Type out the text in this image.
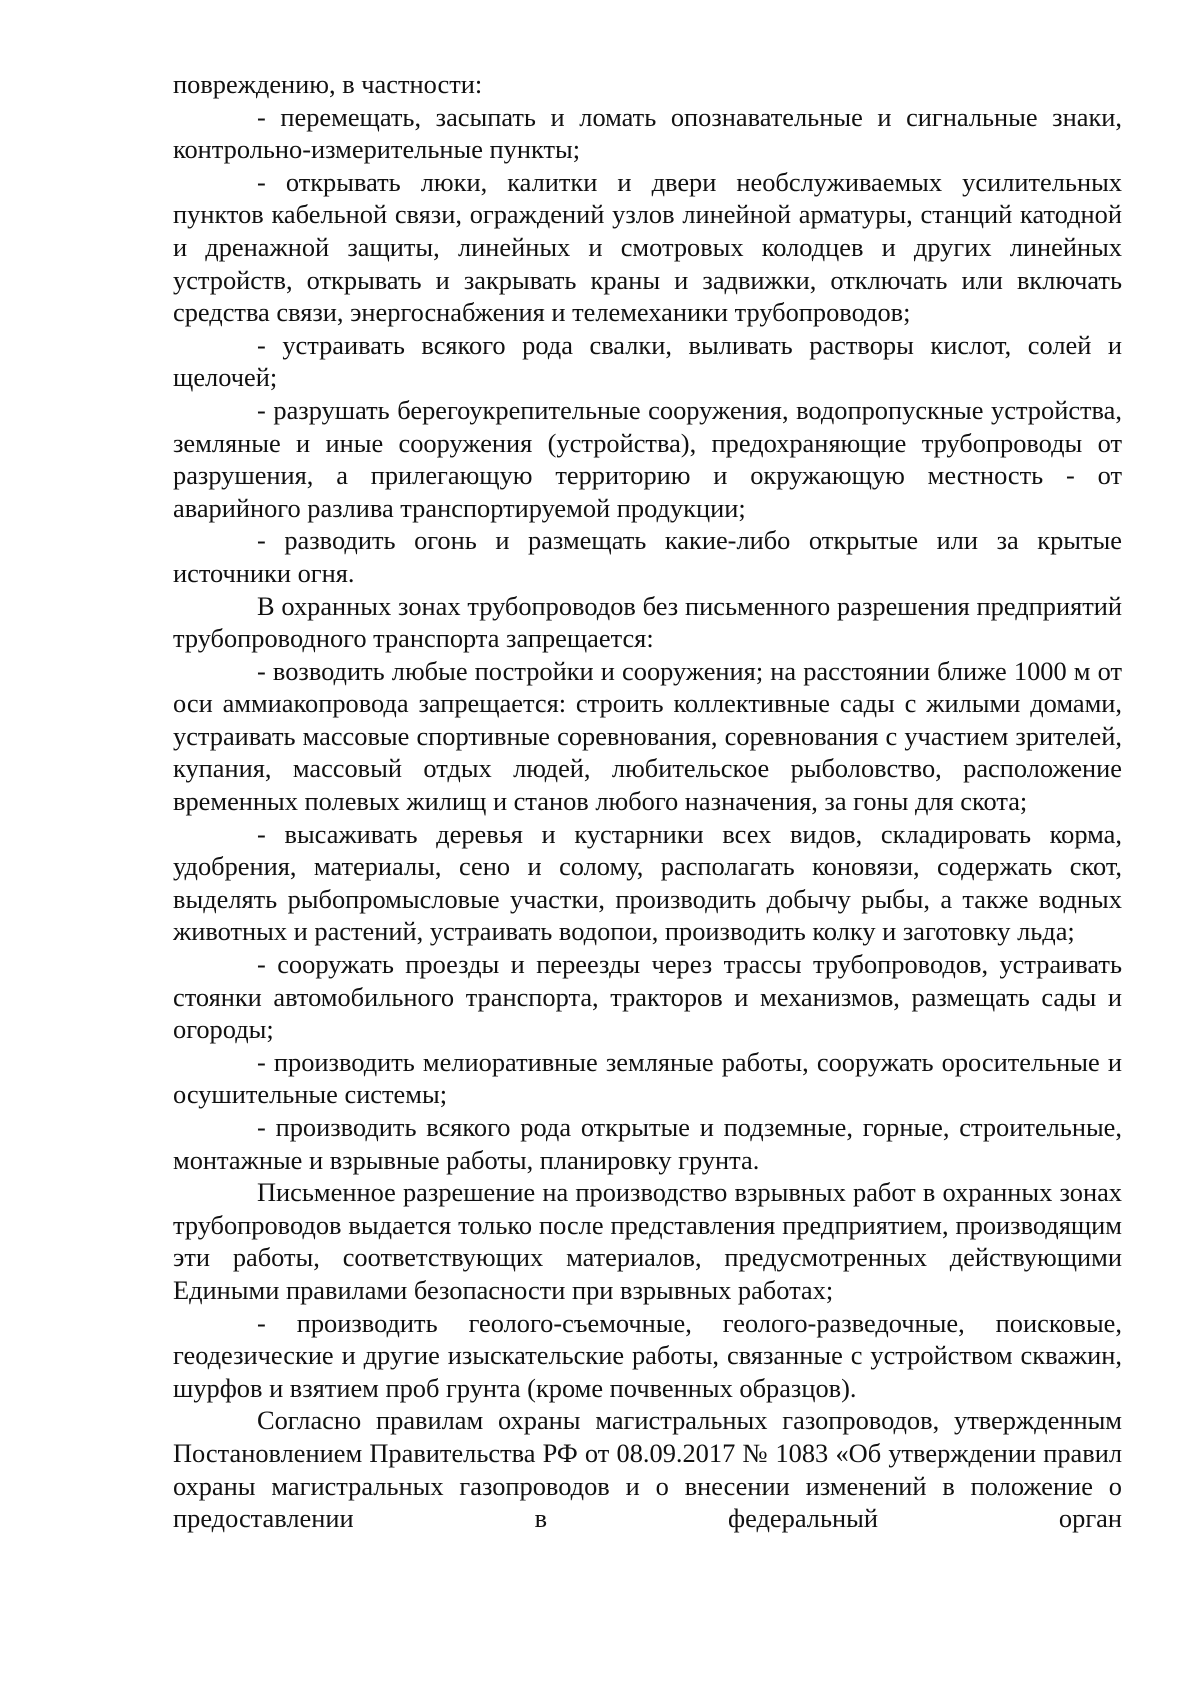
повреждению, в частности:

- перемещать, засыпать и ломать опознавательные и сигнальные знаки, контрольно-измерительные пункты;

- открывать люки, калитки и двери необслуживаемых усилительных пунктов кабельной связи, ограждений узлов линейной арматуры, станций катодной и дренажной защиты, линейных и смотровых колодцев и других линейных устройств, открывать и закрывать краны и задвижки, отключать или включать средства связи, энергоснабжения и телемеханики трубопроводов;

- устраивать всякого рода свалки, выливать растворы кислот, солей и щелочей;

- разрушать берегоукрепительные сооружения, водопропускные устройства, земляные и иные сооружения (устройства), предохраняющие трубопроводы от разрушения, а прилегающую территорию и окружающую местность - от аварийного разлива транспортируемой продукции;

- разводить огонь и размещать какие-либо открытые или за крытые источники огня.

В охранных зонах трубопроводов без письменного разрешения предприятий трубопроводного транспорта запрещается:

- возводить любые постройки и сооружения; на расстоянии ближе 1000 м от оси аммиакопровода запрещается: строить коллективные сады с жилыми домами, устраивать массовые спортивные соревнования, соревнования с участием зрителей, купания, массовый отдых людей, любительское рыболовство, расположение временных полевых жилищ и станов любого назначения, за гоны для скота;

- высаживать деревья и кустарники всех видов, складировать корма, удобрения, материалы, сено и солому, располагать коновязи, содержать скот, выделять рыбопромысловые участки, производить добычу рыбы, а также водных животных и растений, устраивать водопои, производить колку и заготовку льда;

- сооружать проезды и переезды через трассы трубопроводов, устраивать стоянки автомобильного транспорта, тракторов и механизмов, размещать сады и огороды;

- производить мелиоративные земляные работы, сооружать оросительные и осушительные системы;

- производить всякого рода открытые и подземные, горные, строительные, монтажные и взрывные работы, планировку грунта.

Письменное разрешение на производство взрывных работ в охранных зонах трубопроводов выдается только после представления предприятием, производящим эти работы, соответствующих материалов, предусмотренных действующими Едиными правилами безопасности при взрывных работах;

- производить геолого-съемочные, геолого-разведочные, поисковые, геодезические и другие изыскательские работы, связанные с устройством скважин, шурфов и взятием проб грунта (кроме почвенных образцов).

Согласно правилам охраны магистральных газопроводов, утвержденным Постановлением Правительства РФ от 08.09.2017 № 1083 «Об утверждении правил охраны магистральных газопроводов и о внесении изменений в положение о предоставлении в федеральный орган
